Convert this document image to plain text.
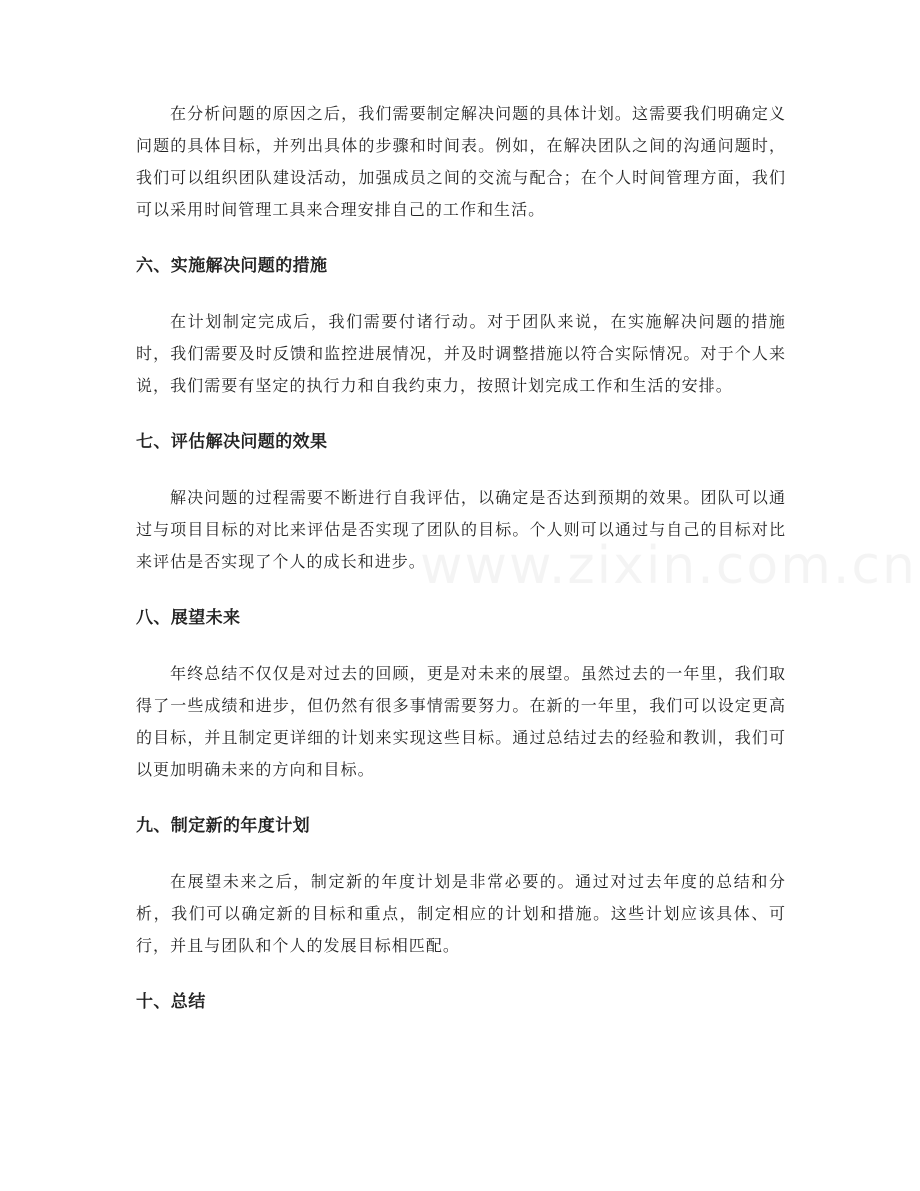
在分析问题的原因之后，我们需要制定解决问题的具体计划。这需要我们明确定义问题的具体目标，并列出具体的步骤和时间表。例如，在解决团队之间的沟通问题时，我们可以组织团队建设活动，加强成员之间的交流与配合；在个人时间管理方面，我们可以采用时间管理工具来合理安排自己的工作和生活。

六、实施解决问题的措施

在计划制定完成后，我们需要付诸行动。对于团队来说，在实施解决问题的措施时，我们需要及时反馈和监控进展情况，并及时调整措施以符合实际情况。对于个人来说，我们需要有坚定的执行力和自我约束力，按照计划完成工作和生活的安排。

七、评估解决问题的效果

解决问题的过程需要不断进行自我评估，以确定是否达到预期的效果。团队可以通过与项目目标的对比来评估是否实现了团队的目标。个人则可以通过与自己的目标对比来评估是否实现了个人的成长和进步。

八、展望未来

年终总结不仅仅是对过去的回顾，更是对未来的展望。虽然过去的一年里，我们取得了一些成绩和进步，但仍然有很多事情需要努力。在新的一年里，我们可以设定更高的目标，并且制定更详细的计划来实现这些目标。通过总结过去的经验和教训，我们可以更加明确未来的方向和目标。

九、制定新的年度计划

在展望未来之后，制定新的年度计划是非常必要的。通过对过去年度的总结和分析，我们可以确定新的目标和重点，制定相应的计划和措施。这些计划应该具体、可行，并且与团队和个人的发展目标相匹配。

十、总结
